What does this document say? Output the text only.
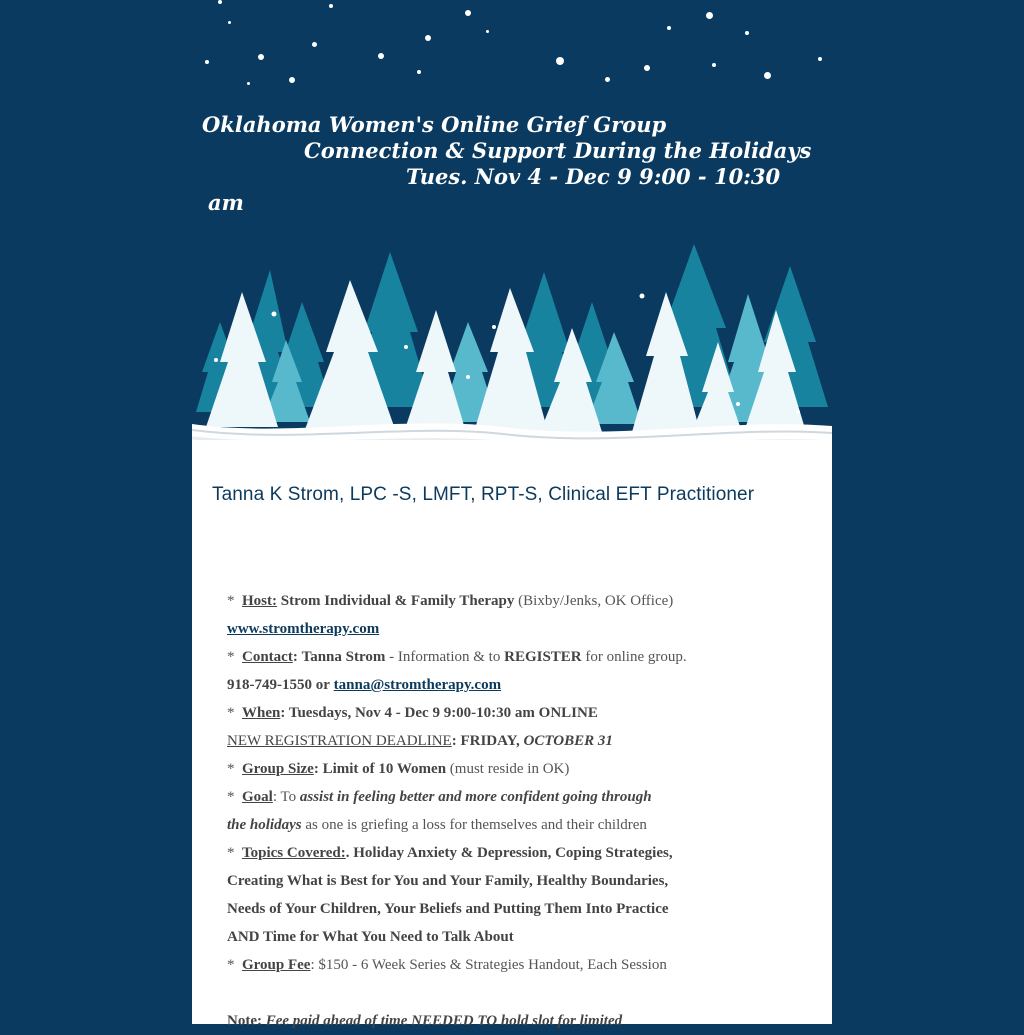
Oklahoma Women's Online Grief Group
Connection & Support During the Holidays
Tues. Nov 4 - Dec 9 9:00 - 10:30
am
Tanna K Strom, LPC -S, LMFT, RPT-S, Clinical EFT Practitioner

* Host: Strom Individual & Family Therapy (Bixby/Jenks, OK Office)

www.stromtherapy.com

* Contact: Tanna Strom - Information & to REGISTER for online group.

918-749-1550 or tanna@stromtherapy.com

* When: Tuesdays, Nov 4 - Dec 9 9:00-10:30 am ONLINE

NEW REGISTRATION DEADLINE: FRIDAY, OCTOBER 31

* Group Size: Limit of 10 Women (must reside in OK)

* Goal: To assist in feeling better and more confident going through

the holidays as one is griefing a loss for themselves and their children

* Topics Covered:. Holiday Anxiety & Depression, Coping Strategies,

Creating What is Best for You and Your Family, Healthy Boundaries,

Needs of Your Children, Your Beliefs and Putting Them Into Practice

AND Time for What You Need to Talk About

* Group Fee: $150 - 6 Week Series & Strategies Handout, Each Session

Note: Fee paid ahead of time NEEDED TO hold slot for limited
